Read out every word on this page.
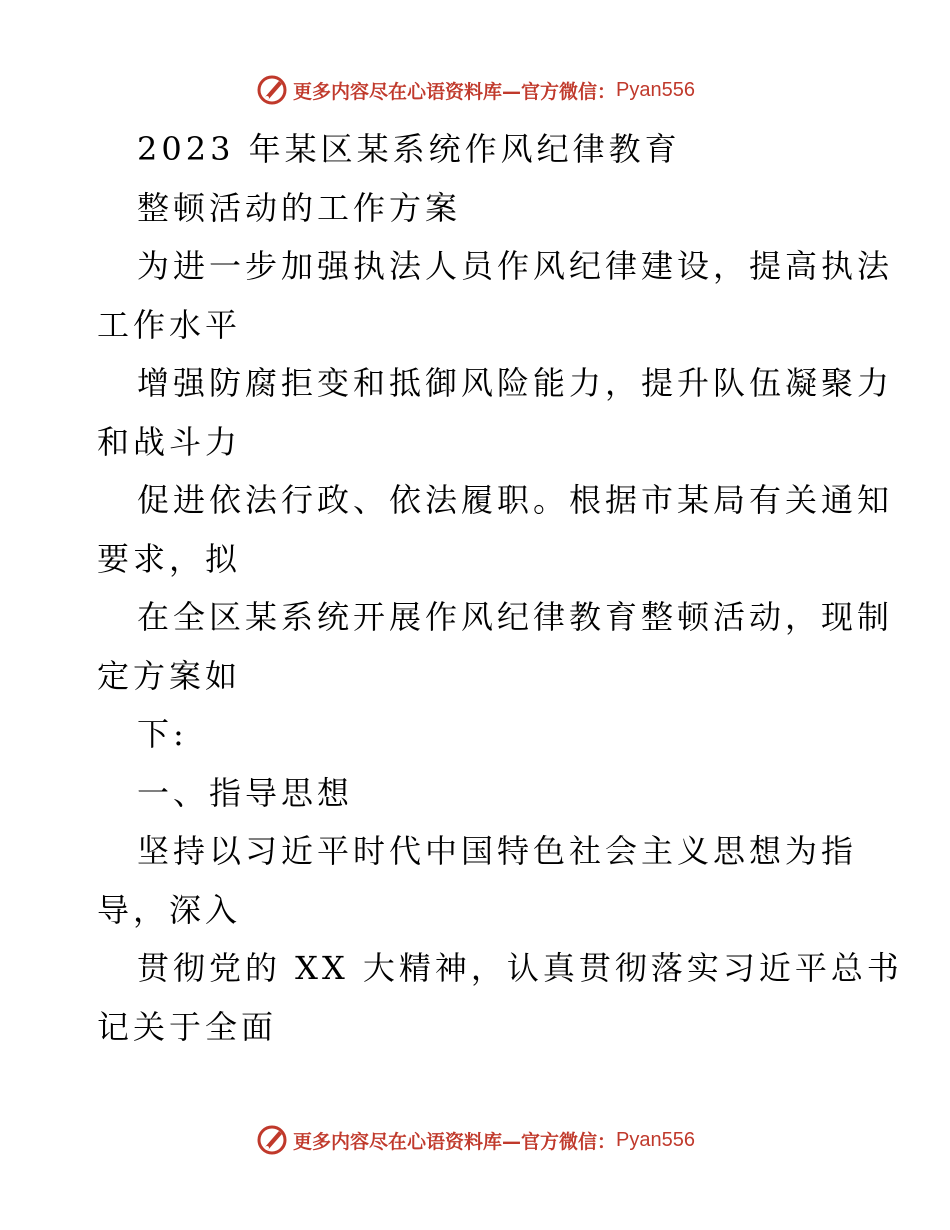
更多内容尽在心语资料库—官方微信： Pyan556
2023 年某区某系统作风纪律教育
整顿活动的工作方案
为进一步加强执法人员作风纪律建设，提高执法
工作水平
增强防腐拒变和抵御风险能力，提升队伍凝聚力
和战斗力
促进依法行政、依法履职。根据市某局有关通知
要求，拟
在全区某系统开展作风纪律教育整顿活动，现制
定方案如
下:
一、指导思想
坚持以习近平时代中国特色社会主义思想为指
导，深入
贯彻党的 XX 大精神，认真贯彻落实习近平总书
记关于全面
更多内容尽在心语资料库—官方微信： Pyan556
